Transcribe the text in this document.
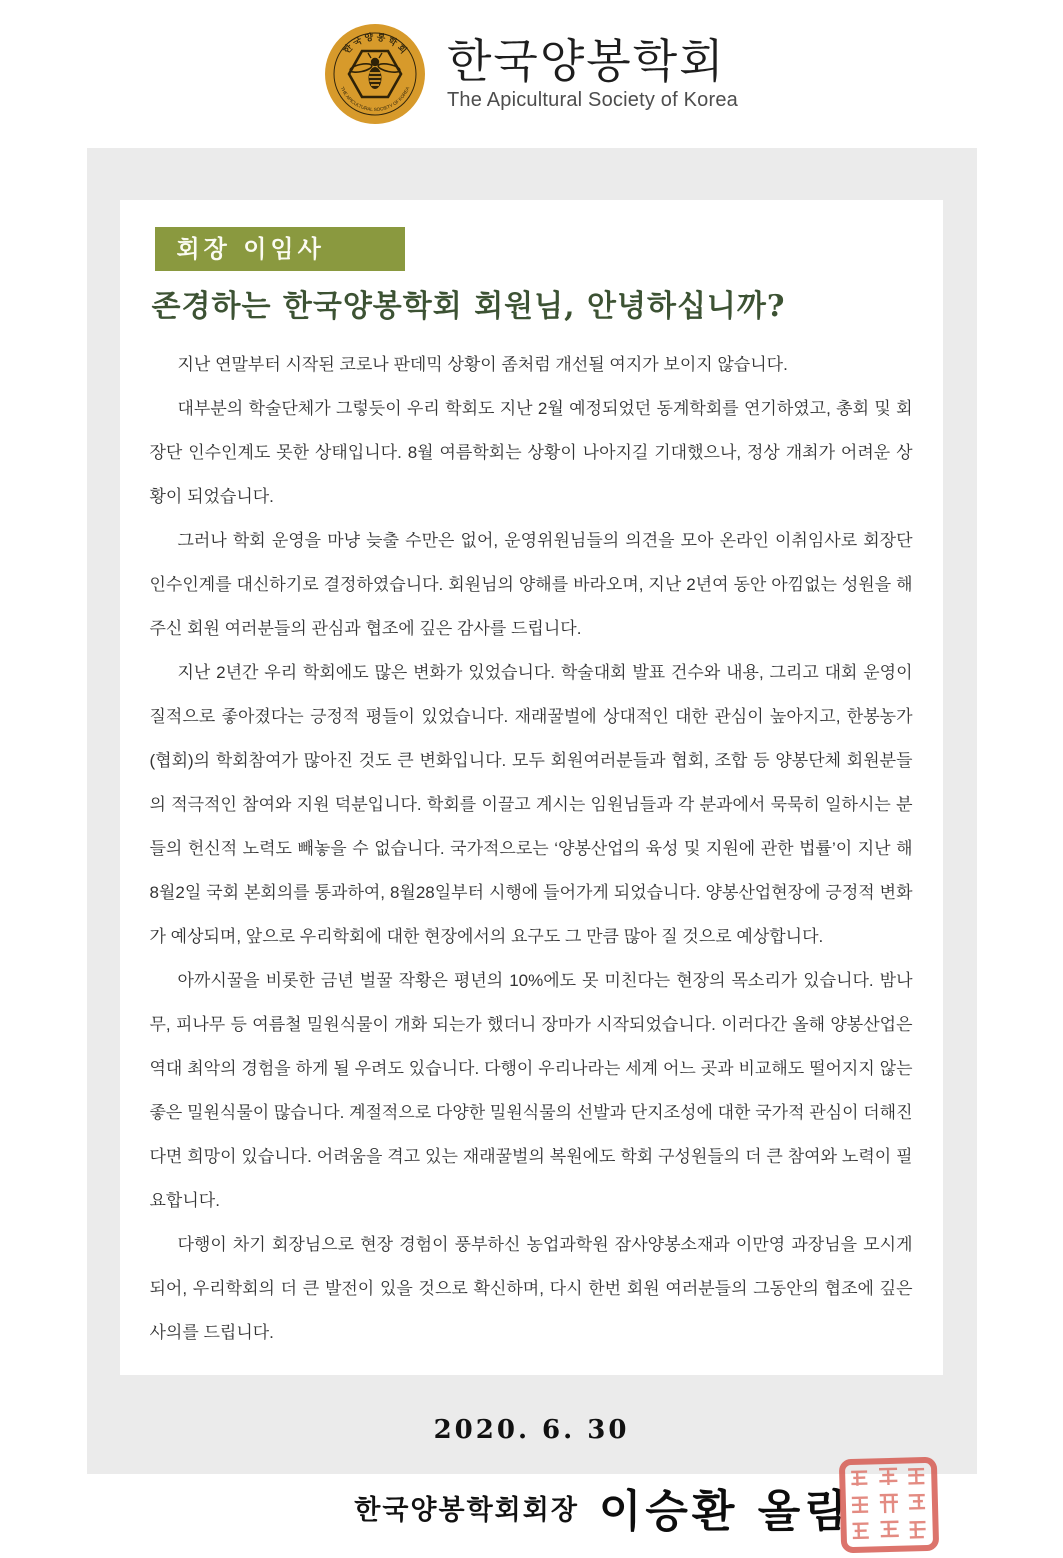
한 국 양 봉 학 회
THE APICULTURAL SOCIETY OF KOREA
한국양봉학회
The Apicultural Society of Korea
회장 이임사
존경하는 한국양봉학회 회원님, 안녕하십니까?

지난 연말부터 시작된 코로나 판데믹 상황이 좀처럼 개선될 여지가 보이지 않습니다.

대부분의 학술단체가 그렇듯이 우리 학회도 지난 2월 예정되었던 동계학회를 연기하였고, 총회 및 회장단 인수인계도 못한 상태입니다. 8월 여름학회는 상황이 나아지길 기대했으나, 정상 개최가 어려운 상황이 되었습니다.

그러나 학회 운영을 마냥 늦출 수만은 없어, 운영위원님들의 의견을 모아 온라인 이취임사로 회장단 인수인계를 대신하기로 결정하였습니다. 회원님의 양해를 바라오며, 지난 2년여 동안 아낌없는 성원을 해 주신 회원 여러분들의 관심과 협조에 깊은 감사를 드립니다.

지난 2년간 우리 학회에도 많은 변화가 있었습니다. 학술대회 발표 건수와 내용, 그리고 대회 운영이 질적으로 좋아졌다는 긍정적 평들이 있었습니다. 재래꿀벌에 상대적인 대한 관심이 높아지고, 한봉농가(협회)의 학회참여가 많아진 것도 큰 변화입니다. 모두 회원여러분들과 협회, 조합 등 양봉단체 회원분들의 적극적인 참여와 지원 덕분입니다. 학회를 이끌고 계시는 임원님들과 각 분과에서 묵묵히 일하시는 분들의 헌신적 노력도 빼놓을 수 없습니다. 국가적으로는 ‘양봉산업의 육성 및 지원에 관한 법률’이 지난 해 8월2일 국회 본회의를 통과하여, 8월28일부터 시행에 들어가게 되었습니다. 양봉산업현장에 긍정적 변화가 예상되며, 앞으로 우리학회에 대한 현장에서의 요구도 그 만큼 많아 질 것으로 예상합니다.

아까시꿀을 비롯한 금년 벌꿀 작황은 평년의 10%에도 못 미친다는 현장의 목소리가 있습니다. 밤나무, 피나무 등 여름철 밀원식물이 개화 되는가 했더니 장마가 시작되었습니다. 이러다간 올해 양봉산업은 역대 최악의 경험을 하게 될 우려도 있습니다. 다행이 우리나라는 세계 어느 곳과 비교해도 떨어지지 않는 좋은 밀원식물이 많습니다. 계절적으로 다양한 밀원식물의 선발과 단지조성에 대한 국가적 관심이 더해진다면 희망이 있습니다. 어려움을 격고 있는 재래꿀벌의 복원에도 학회 구성원들의 더 큰 참여와 노력이 필요합니다.

다행이 차기 회장님으로 현장 경험이 풍부하신 농업과학원 잠사양봉소재과 이만영 과장님을 모시게 되어, 우리학회의 더 큰 발전이 있을 것으로 확신하며, 다시 한번 회원 여러분들의 그동안의 협조에 깊은 사의를 드립니다.

2020. 6. 30
한국양봉학회회장 이승환 올림
